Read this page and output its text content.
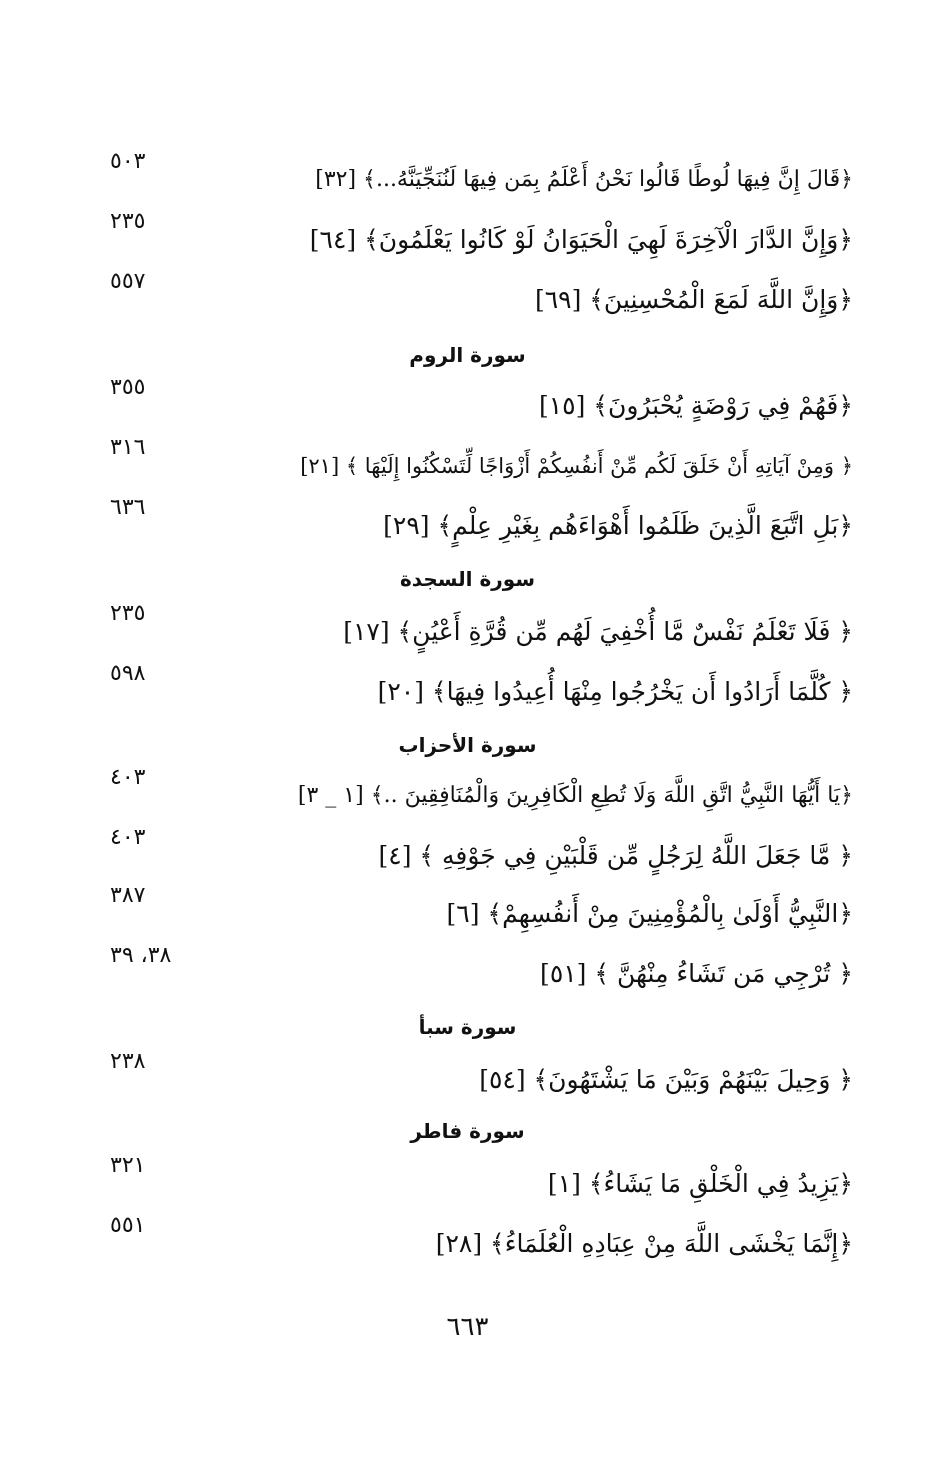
﴿قَالَ إِنَّ فِيهَا لُوطًا قَالُوا نَحْنُ أَعْلَمُ بِمَن فِيهَا لَنُنَجِّيَنَّهُ...﴾ [٣٢]
٥٠٣
﴿وَإِنَّ الدَّارَ الْآخِرَةَ لَهِيَ الْحَيَوَانُ لَوْ كَانُوا يَعْلَمُونَ﴾ [٦٤]
٢٣٥
﴿وَإِنَّ اللَّهَ لَمَعَ الْمُحْسِنِينَ﴾ [٦٩]
٥٥٧
سورة الروم
﴿فَهُمْ فِي رَوْضَةٍ يُحْبَرُونَ﴾ [١٥]
٣٥٥
﴿ وَمِنْ آيَاتِهِ أَنْ خَلَقَ لَكُم مِّنْ أَنفُسِكُمْ أَزْوَاجًا لِّتَسْكُنُوا إِلَيْهَا ﴾ [٢١]
٣١٦
﴿بَلِ اتَّبَعَ الَّذِينَ ظَلَمُوا أَهْوَاءَهُم بِغَيْرِ عِلْمٍ﴾ [٢٩]
٦٣٦
سورة السجدة
﴿ فَلَا تَعْلَمُ نَفْسٌ مَّا أُخْفِيَ لَهُم مِّن قُرَّةِ أَعْيُنٍ﴾ [١٧]
٢٣٥
﴿ كُلَّمَا أَرَادُوا أَن يَخْرُجُوا مِنْهَا أُعِيدُوا فِيهَا﴾ [٢٠]
٥٩٨
سورة الأحزاب
﴿يَا أَيُّهَا النَّبِيُّ اتَّقِ اللَّهَ وَلَا تُطِعِ الْكَافِرِينَ وَالْمُنَافِقِينَ ..﴾ [١ _ ٣]
٤٠٣
﴿ مَّا جَعَلَ اللَّهُ لِرَجُلٍ مِّن قَلْبَيْنِ فِي جَوْفِهِ ﴾ [٤]
٤٠٣
﴿النَّبِيُّ أَوْلَىٰ بِالْمُؤْمِنِينَ مِنْ أَنفُسِهِمْ﴾ [٦]
٣٨٧
﴿ تُرْجِي مَن تَشَاءُ مِنْهُنَّ ﴾ [٥١]
٣٨، ٣٩
سورة سبأ
﴿ وَحِيلَ بَيْنَهُمْ وَبَيْنَ مَا يَشْتَهُونَ﴾ [٥٤]
٢٣٨
سورة فاطر
﴿يَزِيدُ فِي الْخَلْقِ مَا يَشَاءُ﴾ [١]
٣٢١
﴿إِنَّمَا يَخْشَى اللَّهَ مِنْ عِبَادِهِ الْعُلَمَاءُ﴾ [٢٨]
٥٥١
٦٦٣
